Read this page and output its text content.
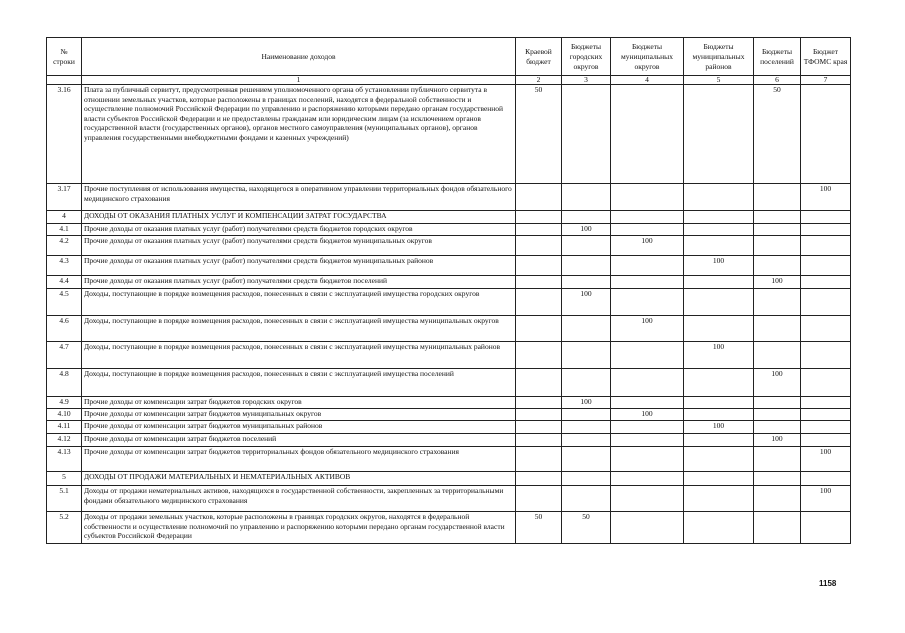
№ строки	Наименование доходов	Краевой бюджет	Бюджеты городских округов	Бюджеты муниципальных округов	Бюджеты муниципальных районов	Бюджеты поселений	Бюджет ТФОМС края
	1	2	3	4	5	6	7
3.16	Плата за публичный сервитут, предусмотренная решением уполномоченного органа об установлении публичного сервитута в отношении земельных участков, которые расположены в границах поселений, находятся в федеральной собственности и осуществление полномочий Российской Федерации по управлению и распоряжению которыми передано органам государственной власти субъектов Российской Федерации и не предоставлены гражданам или юридическим лицам (за исключением органов государственной власти (государственных органов), органов местного самоуправления (муниципальных органов), органов управления государственными внебюджетными фондами и казенных учреждений)	50				50	
3.17	Прочие поступления от использования имущества, находящегося в оперативном управлении территориальных фондов обязательного медицинского страхования						100
4	ДОХОДЫ ОТ ОКАЗАНИЯ ПЛАТНЫХ УСЛУГ И КОМПЕНСАЦИИ ЗАТРАТ ГОСУДАРСТВА						
4.1	Прочие доходы от оказания платных услуг (работ) получателями средств бюджетов городских округов		100				
4.2	Прочие доходы от оказания платных услуг (работ) получателями средств бюджетов муниципальных округов			100			
4.3	Прочие доходы от оказания платных услуг (работ) получателями средств бюджетов муниципальных районов				100		
4.4	Прочие доходы от оказания платных услуг (работ) получателями средств бюджетов поселений					100	
4.5	Доходы, поступающие в порядке возмещения расходов, понесенных в связи с эксплуатацией имущества городских округов		100				
4.6	Доходы, поступающие в порядке возмещения расходов, понесенных в связи с эксплуатацией имущества муниципальных округов			100			
4.7	Доходы, поступающие в порядке возмещения расходов, понесенных в связи с эксплуатацией имущества муниципальных районов				100		
4.8	Доходы, поступающие в порядке возмещения расходов, понесенных в связи с эксплуатацией имущества поселений					100	
4.9	Прочие доходы от компенсации затрат бюджетов городских округов		100				
4.10	Прочие доходы от компенсации затрат бюджетов муниципальных округов			100			
4.11	Прочие доходы от компенсации затрат бюджетов муниципальных районов				100		
4.12	Прочие доходы от компенсации затрат бюджетов поселений					100	
4.13	Прочие доходы от компенсации затрат бюджетов территориальных фондов обязательного медицинского страхования						100
5	ДОХОДЫ ОТ ПРОДАЖИ МАТЕРИАЛЬНЫХ И НЕМАТЕРИАЛЬНЫХ АКТИВОВ						
5.1	Доходы от продажи нематериальных активов, находящихся в государственной собственности, закрепленных за территориальными фондами обязательного медицинского страхования						100
5.2	Доходы от продажи земельных участков, которые расположены в границах городских округов, находятся в федеральной собственности и осуществление полномочий по управлению и распоряжению которыми передано органам государственной власти субъектов Российской Федерации	50	50				
1158
